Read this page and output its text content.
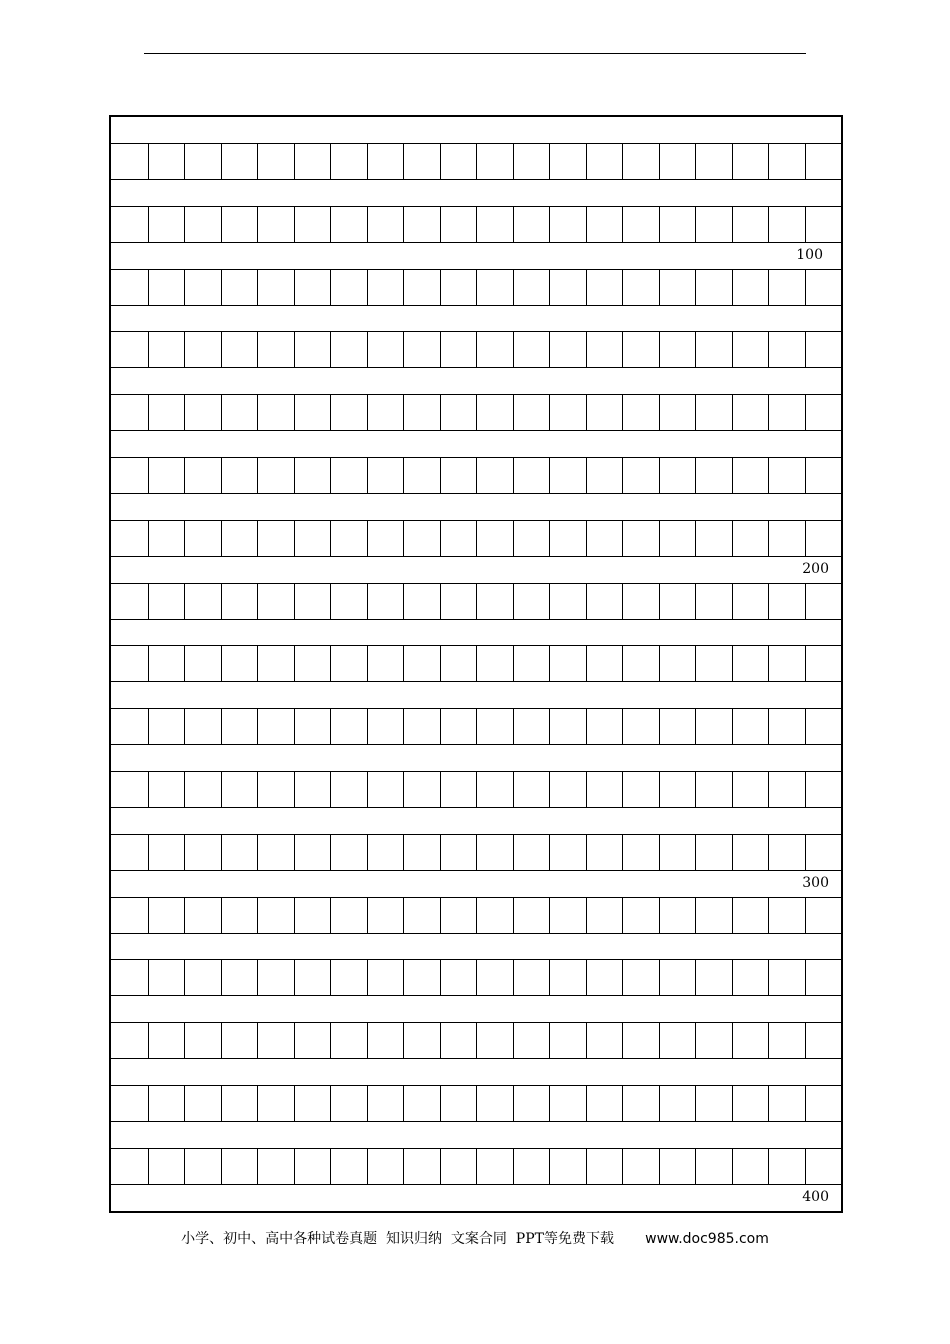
100
200
300
400
小学、初中、高中各种试卷真题  知识归纳  文案合同  PPT等免费下载 www.doc985.com
